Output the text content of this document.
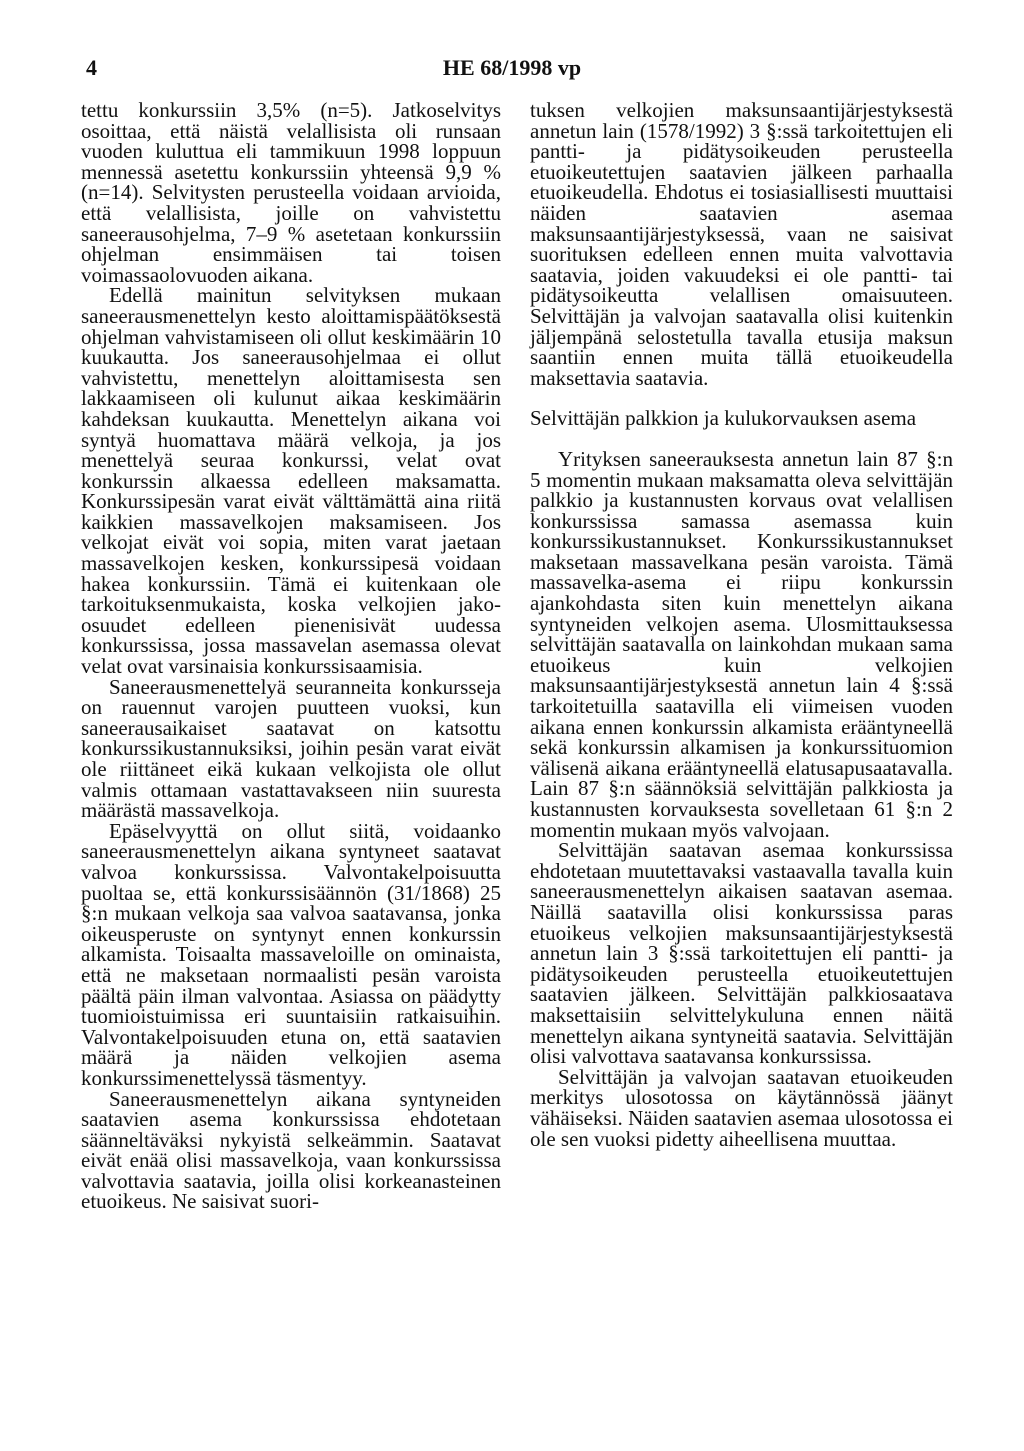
4	HE 68/1998 vp

tettu konkurssiin 3,5% (n=5). Jatkoselvitys osoittaa, että näistä velallisista oli runsaan vuoden kuluttua eli tammikuun 1998 loppuun mennessä asetettu konkurssiin yhteensä 9,9 % (n=14). Selvitysten perusteella voidaan arvioida, että velallisista, joille on vahvistettu saneerausohjelma, 7–9 % asetetaan konkurssiin ohjelman ensimmäisen tai toisen voimassaolovuoden aikana.

Edellä mainitun selvityksen mukaan saneerausmenettelyn kesto aloittamispäätöksestä ohjelman vahvistamiseen oli ollut keskimäärin 10 kuukautta. Jos saneerausohjelmaa ei ollut vahvistettu, menettelyn aloittamisesta sen lakkaamiseen oli kulunut aikaa keskimäärin kahdeksan kuukautta. Menettelyn aikana voi syntyä huomattava määrä velkoja, ja jos menettelyä seuraa konkurssi, velat ovat konkurssin alkaessa edelleen maksamatta. Konkurssipesän varat eivät välttämättä aina riitä kaikkien massavelkojen maksamiseen. Jos velkojat eivät voi sopia, miten varat jaetaan massavelkojen kesken, konkurssipesä voidaan hakea konkurssiin. Tämä ei kuitenkaan ole tarkoituksenmukaista, koska velkojien jako-osuudet edelleen pienenisivät uudessa konkurssissa, jossa massavelan asemassa olevat velat ovat varsinaisia konkurssisaamisia.

Saneerausmenettelyä seuranneita konkursseja on rauennut varojen puutteen vuoksi, kun saneerausaikaiset saatavat on katsottu konkurssikustannuksiksi, joihin pesän varat eivät ole riittäneet eikä kukaan velkojista ole ollut valmis ottamaan vastattavakseen niin suuresta määrästä massavelkoja.

Epäselvyyttä on ollut siitä, voidaanko saneerausmenettelyn aikana syntyneet saatavat valvoa konkurssissa. Valvontakelpoisuutta puoltaa se, että konkurssisäännön (31/1868) 25 §:n mukaan velkoja saa valvoa saatavansa, jonka oikeusperuste on syntynyt ennen konkurssin alkamista. Toisaalta massaveloille on ominaista, että ne maksetaan normaalisti pesän varoista päältä päin ilman valvontaa. Asiassa on päädytty tuomioistuimissa eri suuntaisiin ratkaisuihin. Valvontakelpoisuuden etuna on, että saatavien määrä ja näiden velkojien asema konkurssimenettelyssä täsmentyy.

Saneerausmenettelyn aikana syntyneiden saatavien asema konkurssissa ehdotetaan säänneltäväksi nykyistä selkeämmin. Saatavat eivät enää olisi massavelkoja, vaan konkurssissa valvottavia saatavia, joilla olisi korkeanasteinen etuoikeus. Ne saisivat suori-

tuksen velkojien maksunsaantijärjestyksestä annetun lain (1578/1992) 3 §:ssä tarkoitettujen eli pantti- ja pidätysoikeuden perusteella etuoikeutettujen saatavien jälkeen parhaalla etuoikeudella. Ehdotus ei tosiasiallisesti muuttaisi näiden saatavien asemaa maksunsaantijärjestyksessä, vaan ne saisivat suorituksen edelleen ennen muita valvottavia saatavia, joiden vakuudeksi ei ole pantti- tai pidätysoikeutta velallisen omaisuuteen. Selvittäjän ja valvojan saatavalla olisi kuitenkin jäljempänä selostetulla tavalla etusija maksun saantiin ennen muita tällä etuoikeudella maksettavia saatavia.

Selvittäjän palkkion ja kulukorvauksen asema

Yrityksen saneerauksesta annetun lain 87 §:n 5 momentin mukaan maksamatta oleva selvittäjän palkkio ja kustannusten korvaus ovat velallisen konkurssissa samassa asemassa kuin konkurssikustannukset. Konkurssikustannukset maksetaan massavelkana pesän varoista. Tämä massavelka-asema ei riipu konkurssin ajankohdasta siten kuin menettelyn aikana syntyneiden velkojen asema. Ulosmittauksessa selvittäjän saatavalla on lainkohdan mukaan sama etuoikeus kuin velkojien maksunsaantijärjestyksestä annetun lain 4 §:ssä tarkoitetuilla saatavilla eli viimeisen vuoden aikana ennen konkurssin alkamista erääntyneellä sekä konkurssin alkamisen ja konkurssituomion välisenä aikana erääntyneellä elatusapusaatavalla. Lain 87 §:n säännöksiä selvittäjän palkkiosta ja kustannusten korvauksesta sovelletaan 61 §:n 2 momentin mukaan myös valvojaan.

Selvittäjän saatavan asemaa konkurssissa ehdotetaan muutettavaksi vastaavalla tavalla kuin saneerausmenettelyn aikaisen saatavan asemaa. Näillä saatavilla olisi konkurssissa paras etuoikeus velkojien maksunsaantijärjestyksestä annetun lain 3 §:ssä tarkoitettujen eli pantti- ja pidätysoikeuden perusteella etuoikeutettujen saatavien jälkeen. Selvittäjän palkkiosaatava maksettaisiin selvittelykuluna ennen näitä menettelyn aikana syntyneitä saatavia. Selvittäjän olisi valvottava saatavansa konkurssissa.

Selvittäjän ja valvojan saatavan etuoikeuden merkitys ulosotossa on käytännössä jäänyt vähäiseksi. Näiden saatavien asemaa ulosotossa ei ole sen vuoksi pidetty aiheellisena muuttaa.
